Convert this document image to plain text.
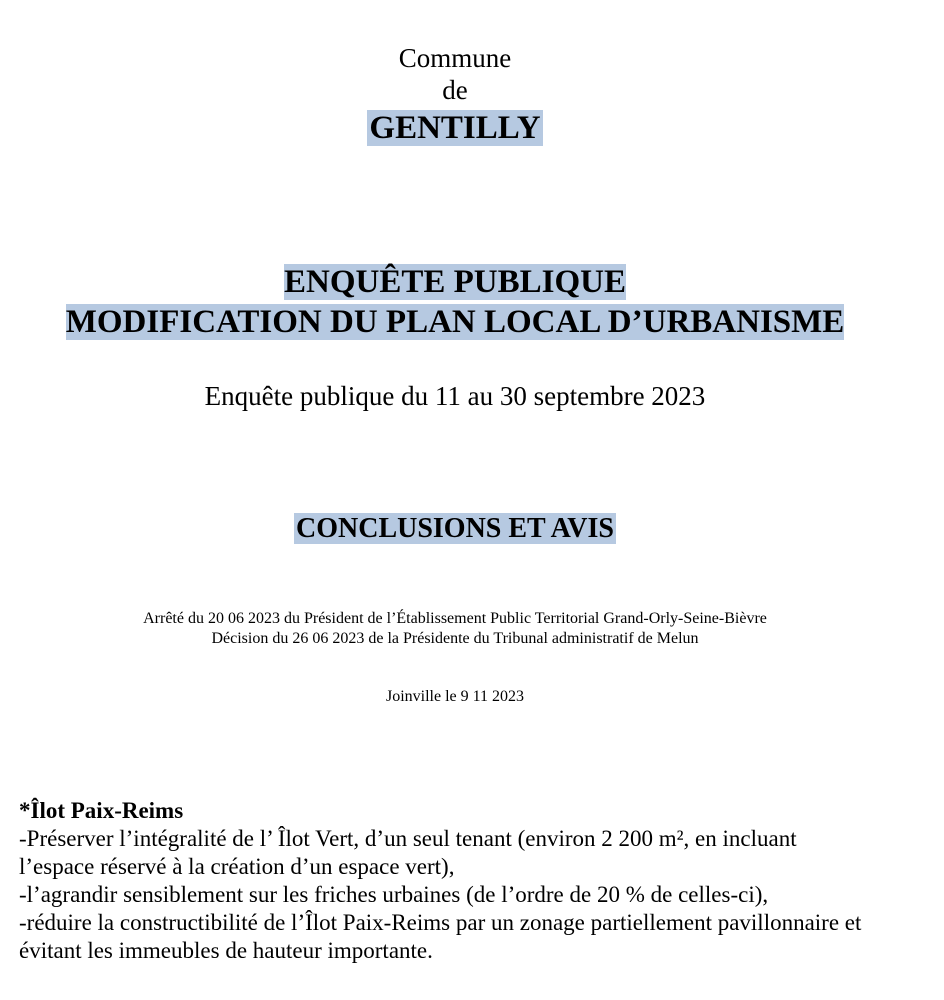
Commune
de
GENTILLY
ENQUÊTE PUBLIQUE
MODIFICATION DU PLAN LOCAL D’URBANISME
Enquête publique du 11 au 30 septembre 2023
CONCLUSIONS ET AVIS
Arrêté du 20 06 2023 du Président de l’Établissement Public Territorial Grand-Orly-Seine-Bièvre
Décision du 26 06 2023 de la Présidente du Tribunal administratif de Melun
Joinville le 9 11 2023
*Îlot Paix-Reims
-Préserver l’intégralité de l’ Îlot Vert, d’un seul tenant (environ 2 200 m², en incluant
l’espace réservé à la création d’un espace vert),
-l’agrandir sensiblement sur les friches urbaines (de l’ordre de 20 % de celles-ci),
-réduire la constructibilité de l’Îlot Paix-Reims par un zonage partiellement pavillonnaire et
évitant les immeubles de hauteur importante.
